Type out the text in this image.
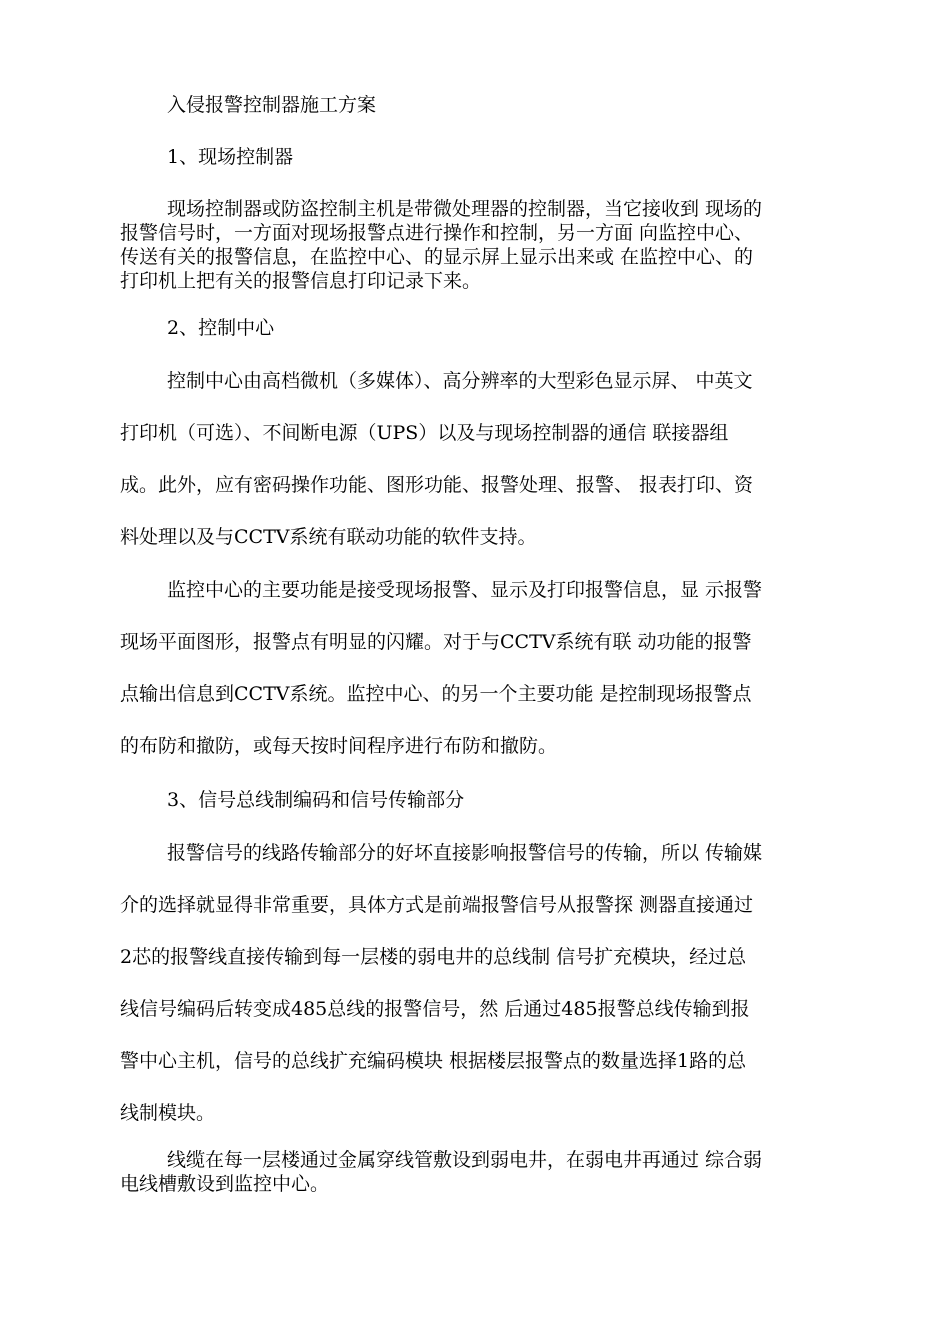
入侵报警控制器施工方案
1、现场控制器
现场控制器或防盗控制主机是带微处理器的控制器，当它接收到 现场的
报警信号时，一方面对现场报警点进行操作和控制，另一方面 向监控中心、
传送有关的报警信息，在监控中心、的显示屏上显示出来或 在监控中心、的
打印机上把有关的报警信息打印记录下来。
2、控制中心
控制中心由高档微机（多媒体）、高分辨率的大型彩色显示屏、 中英文
打印机（可选）、不间断电源（UPS）以及与现场控制器的通信 联接器组
成。此外，应有密码操作功能、图形功能、报警处理、报警、 报表打印、资
料处理以及与CCTV系统有联动功能的软件支持。
监控中心的主要功能是接受现场报警、显示及打印报警信息，显 示报警
现场平面图形，报警点有明显的闪耀。对于与CCTV系统有联 动功能的报警
点输出信息到CCTV系统。监控中心、的另一个主要功能 是控制现场报警点
的布防和撤防，或每天按时间程序进行布防和撤防。
3、信号总线制编码和信号传输部分
报警信号的线路传输部分的好坏直接影响报警信号的传输，所以 传输媒
介的选择就显得非常重要，具体方式是前端报警信号从报警探 测器直接通过
2芯的报警线直接传输到每一层楼的弱电井的总线制 信号扩充模块，经过总
线信号编码后转变成485总线的报警信号，然 后通过485报警总线传输到报
警中心主机，信号的总线扩充编码模块 根据楼层报警点的数量选择1路的总
线制模块。
线缆在每一层楼通过金属穿线管敷设到弱电井，在弱电井再通过 综合弱
电线槽敷设到监控中心。
